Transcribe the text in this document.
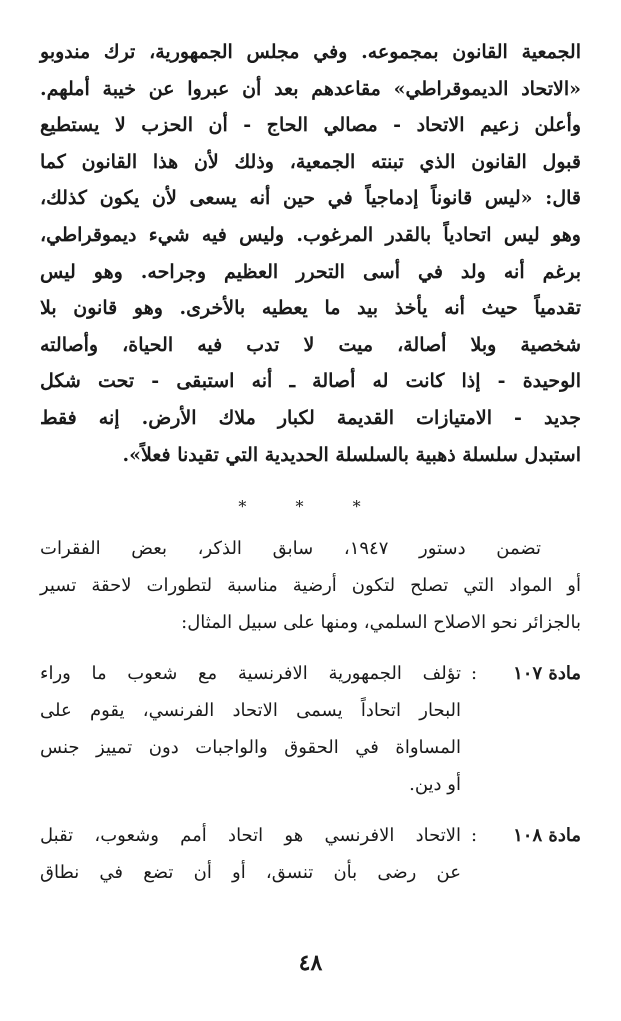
الجمعية القانون بمجموعه. وفي مجلس الجمهورية، ترك مندوبو
«الاتحاد الديموقراطي» مقاعدهم بعد أن عبروا عن خيبة أملهم.
وأعلن زعيم الاتحاد - مصالي الحاج - أن الحزب لا يستطيع
قبول القانون الذي تبنته الجمعية، وذلك لأن هذا القانون كما
قال: «ليس قانوناً إدماجياً في حين أنه يسعى لأن يكون كذلك،
وهو ليس اتحادياً بالقدر المرغوب. وليس فيه شيء ديموقراطي،
برغم أنه ولد في أسى التحرر العظيم وجراحه. وهو ليس
تقدمياً حيث أنه يأخذ بيد ما يعطيه بالأخرى. وهو قانون بلا
شخصية وبلا أصالة، ميت لا تدب فيه الحياة، وأصالته
الوحيدة - إذا كانت له أصالة ـ أنه استبقى - تحت شكل
جديد - الامتيازات القديمة لكبار ملاك الأرض. إنه فقط
استبدل سلسلة ذهبية بالسلسلة الحديدية التي تقيدنا فعلاً».
* * *
تضمن دستور ١٩٤٧، سابق الذكر، بعض الفقرات
أو المواد التي تصلح لتكون أرضية مناسبة لتطورات لاحقة تسير
بالجزائر نحو الاصلاح السلمي، ومنها على سبيل المثال:
مادة ١٠٧
:
تؤلف الجمهورية الافرنسية مع شعوب ما وراء
البحار اتحاداً يسمى الاتحاد الفرنسي، يقوم على
المساواة في الحقوق والواجبات دون تمييز جنس
أو دين.
مادة ١٠٨
:
الاتحاد الافرنسي هو اتحاد أمم وشعوب، تقبل
عن رضى بأن تنسق، أو أن تضع في نطاق
٤٨
